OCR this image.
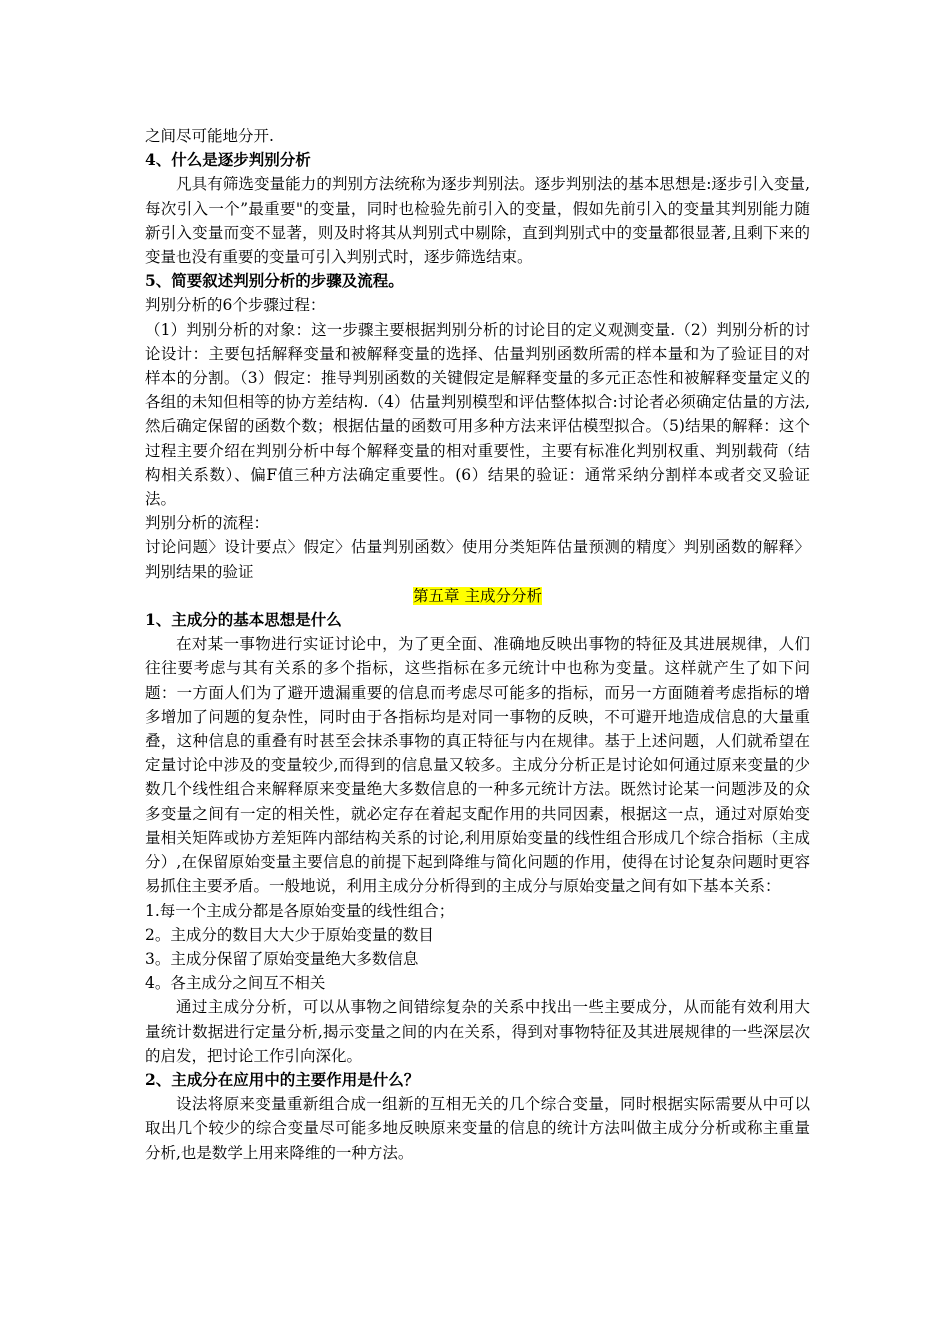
之间尽可能地分开.

4、什么是逐步判别分析

凡具有筛选变量能力的判别方法统称为逐步判别法。逐步判别法的基本思想是:逐步引入变量,每次引入一个”最重要"的变量，同时也检验先前引入的变量，假如先前引入的变量其判别能力随新引入变量而变不显著，则及时将其从判别式中剔除，直到判别式中的变量都很显著,且剩下来的变量也没有重要的变量可引入判别式时，逐步筛选结束。

5、简要叙述判别分析的步骤及流程。

判别分析的6个步骤过程：

（1）判别分析的对象：这一步骤主要根据判别分析的讨论目的定义观测变量.（2）判别分析的讨论设计：主要包括解释变量和被解释变量的选择、估量判别函数所需的样本量和为了验证目的对样本的分割。（3）假定：推导判别函数的关键假定是解释变量的多元正态性和被解释变量定义的各组的未知但相等的协方差结构.（4）估量判别模型和评估整体拟合:讨论者必须确定估量的方法,然后确定保留的函数个数；根据估量的函数可用多种方法来评估模型拟合。（5)结果的解释：这个过程主要介绍在判别分析中每个解释变量的相对重要性，主要有标准化判别权重、判别载荷（结构相关系数）、偏F值三种方法确定重要性。(6）结果的验证：通常采纳分割样本或者交叉验证法。

判别分析的流程：

讨论问题〉设计要点〉假定〉估量判别函数〉使用分类矩阵估量预测的精度〉判别函数的解释〉判别结果的验证

第五章 主成分分析

1、主成分的基本思想是什么

在对某一事物进行实证讨论中，为了更全面、准确地反映出事物的特征及其进展规律，人们往往要考虑与其有关系的多个指标，这些指标在多元统计中也称为变量。这样就产生了如下问题：一方面人们为了避开遗漏重要的信息而考虑尽可能多的指标，而另一方面随着考虑指标的增多增加了问题的复杂性，同时由于各指标均是对同一事物的反映，不可避开地造成信息的大量重叠，这种信息的重叠有时甚至会抹杀事物的真正特征与内在规律。基于上述问题，人们就希望在定量讨论中涉及的变量较少,而得到的信息量又较多。主成分分析正是讨论如何通过原来变量的少数几个线性组合来解释原来变量绝大多数信息的一种多元统计方法。既然讨论某一问题涉及的众多变量之间有一定的相关性，就必定存在着起支配作用的共同因素，根据这一点，通过对原始变量相关矩阵或协方差矩阵内部结构关系的讨论,利用原始变量的线性组合形成几个综合指标（主成分）,在保留原始变量主要信息的前提下起到降维与简化问题的作用，使得在讨论复杂问题时更容易抓住主要矛盾。一般地说，利用主成分分析得到的主成分与原始变量之间有如下基本关系：

1.每一个主成分都是各原始变量的线性组合；

2。主成分的数目大大少于原始变量的数目

3。主成分保留了原始变量绝大多数信息

4。各主成分之间互不相关

通过主成分分析，可以从事物之间错综复杂的关系中找出一些主要成分，从而能有效利用大量统计数据进行定量分析,揭示变量之间的内在关系，得到对事物特征及其进展规律的一些深层次的启发，把讨论工作引向深化。

2、主成分在应用中的主要作用是什么？

设法将原来变量重新组合成一组新的互相无关的几个综合变量，同时根据实际需要从中可以取出几个较少的综合变量尽可能多地反映原来变量的信息的统计方法叫做主成分分析或称主重量分析,也是数学上用来降维的一种方法。
